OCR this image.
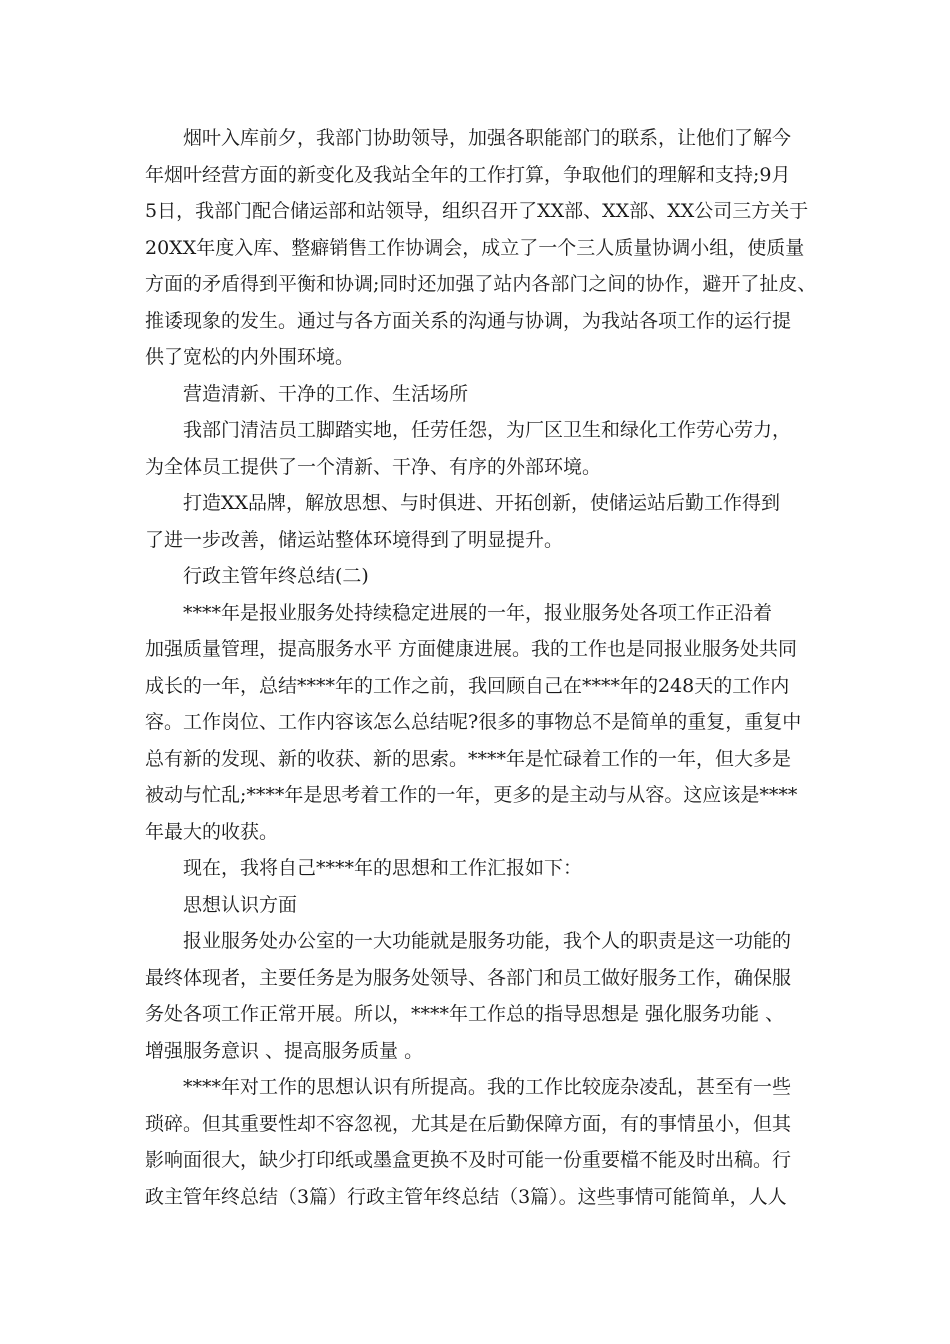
烟叶入库前夕，我部门协助领导，加强各职能部门的联系，让他们了解今
年烟叶经营方面的新变化及我站全年的工作打算，争取他们的理解和支持;9月
5日，我部门配合储运部和站领导，组织召开了XX部、XX部、XX公司三方关于
20XX年度入库、整癖销售工作协调会，成立了一个三人质量协调小组，使质量
方面的矛盾得到平衡和协调;同时还加强了站内各部门之间的协作，避开了扯皮、
推诿现象的发生。通过与各方面关系的沟通与协调，为我站各项工作的运行提
供了宽松的内外围环境。

营造清新、干净的工作、生活场所

我部门清洁员工脚踏实地，任劳任怨，为厂区卫生和绿化工作劳心劳力，
为全体员工提供了一个清新、干净、有序的外部环境。

打造XX品牌，解放思想、与时俱进、开拓创新，使储运站后勤工作得到
了进一步改善，储运站整体环境得到了明显提升。

行政主管年终总结(二)

****年是报业服务处持续稳定进展的一年，报业服务处各项工作正沿着
加强质量管理，提高服务水平 方面健康进展。我的工作也是同报业服务处共同
成长的一年，总结****年的工作之前，我回顾自己在****年的248天的工作内
容。工作岗位、工作内容该怎么总结呢?很多的事物总不是简单的重复，重复中
总有新的发现、新的收获、新的思索。****年是忙碌着工作的一年，但大多是
被动与忙乱;****年是思考着工作的一年，更多的是主动与从容。这应该是****
年最大的收获。

现在，我将自己****年的思想和工作汇报如下：

思想认识方面

报业服务处办公室的一大功能就是服务功能，我个人的职责是这一功能的
最终体现者，主要任务是为服务处领导、各部门和员工做好服务工作，确保服
务处各项工作正常开展。所以，****年工作总的指导思想是 强化服务功能 、
增强服务意识 、提高服务质量 。

****年对工作的思想认识有所提高。我的工作比较庞杂凌乱，甚至有一些
琐碎。但其重要性却不容忽视，尤其是在后勤保障方面，有的事情虽小，但其
影响面很大，缺少打印纸或墨盒更换不及时可能一份重要檔不能及时出稿。行
政主管年终总结（3篇）行政主管年终总结（3篇）。这些事情可能简单，人人
